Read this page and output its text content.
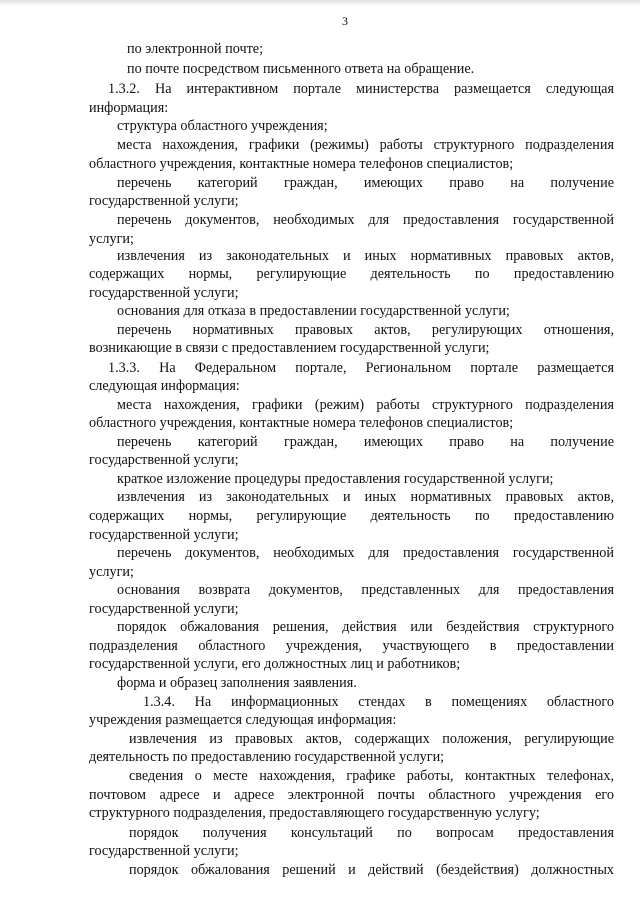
3
по электронной почте;
по почте посредством письменного ответа на обращение.
1.3.2. На интерактивном портале министерства размещается следующая
информация:
структура областного учреждения;
места нахождения, графики (режимы) работы структурного подразделения
областного учреждения, контактные номера телефонов специалистов;
перечень категорий граждан, имеющих право на получение
государственной услуги;
перечень документов, необходимых для предоставления государственной
услуги;
извлечения из законодательных и иных нормативных правовых актов,
содержащих нормы, регулирующие деятельность по предоставлению
государственной услуги;
основания для отказа в предоставлении государственной услуги;
перечень нормативных правовых актов, регулирующих отношения,
возникающие в связи с предоставлением государственной услуги;
1.3.3. На Федеральном портале, Региональном портале размещается
следующая информация:
места нахождения, графики (режим) работы структурного подразделения
областного учреждения, контактные номера телефонов специалистов;
перечень категорий граждан, имеющих право на получение
государственной услуги;
краткое изложение процедуры предоставления государственной услуги;
извлечения из законодательных и иных нормативных правовых актов,
содержащих нормы, регулирующие деятельность по предоставлению
государственной услуги;
перечень документов, необходимых для предоставления государственной
услуги;
основания возврата документов, представленных для предоставления
государственной услуги;
порядок обжалования решения, действия или бездействия структурного
подразделения областного учреждения, участвующего в предоставлении
государственной услуги, его должностных лиц и работников;
форма и образец заполнения заявления.
1.3.4. На информационных стендах в помещениях областного
учреждения размещается следующая информация:
извлечения из правовых актов, содержащих положения, регулирующие
деятельность по предоставлению государственной услуги;
сведения о месте нахождения, графике работы, контактных телефонах,
почтовом адресе и адресе электронной почты областного учреждения его
структурного подразделения, предоставляющего государственную услугу;
порядок получения консультаций по вопросам предоставления
государственной услуги;
порядок обжалования решений и действий (бездействия) должностных
